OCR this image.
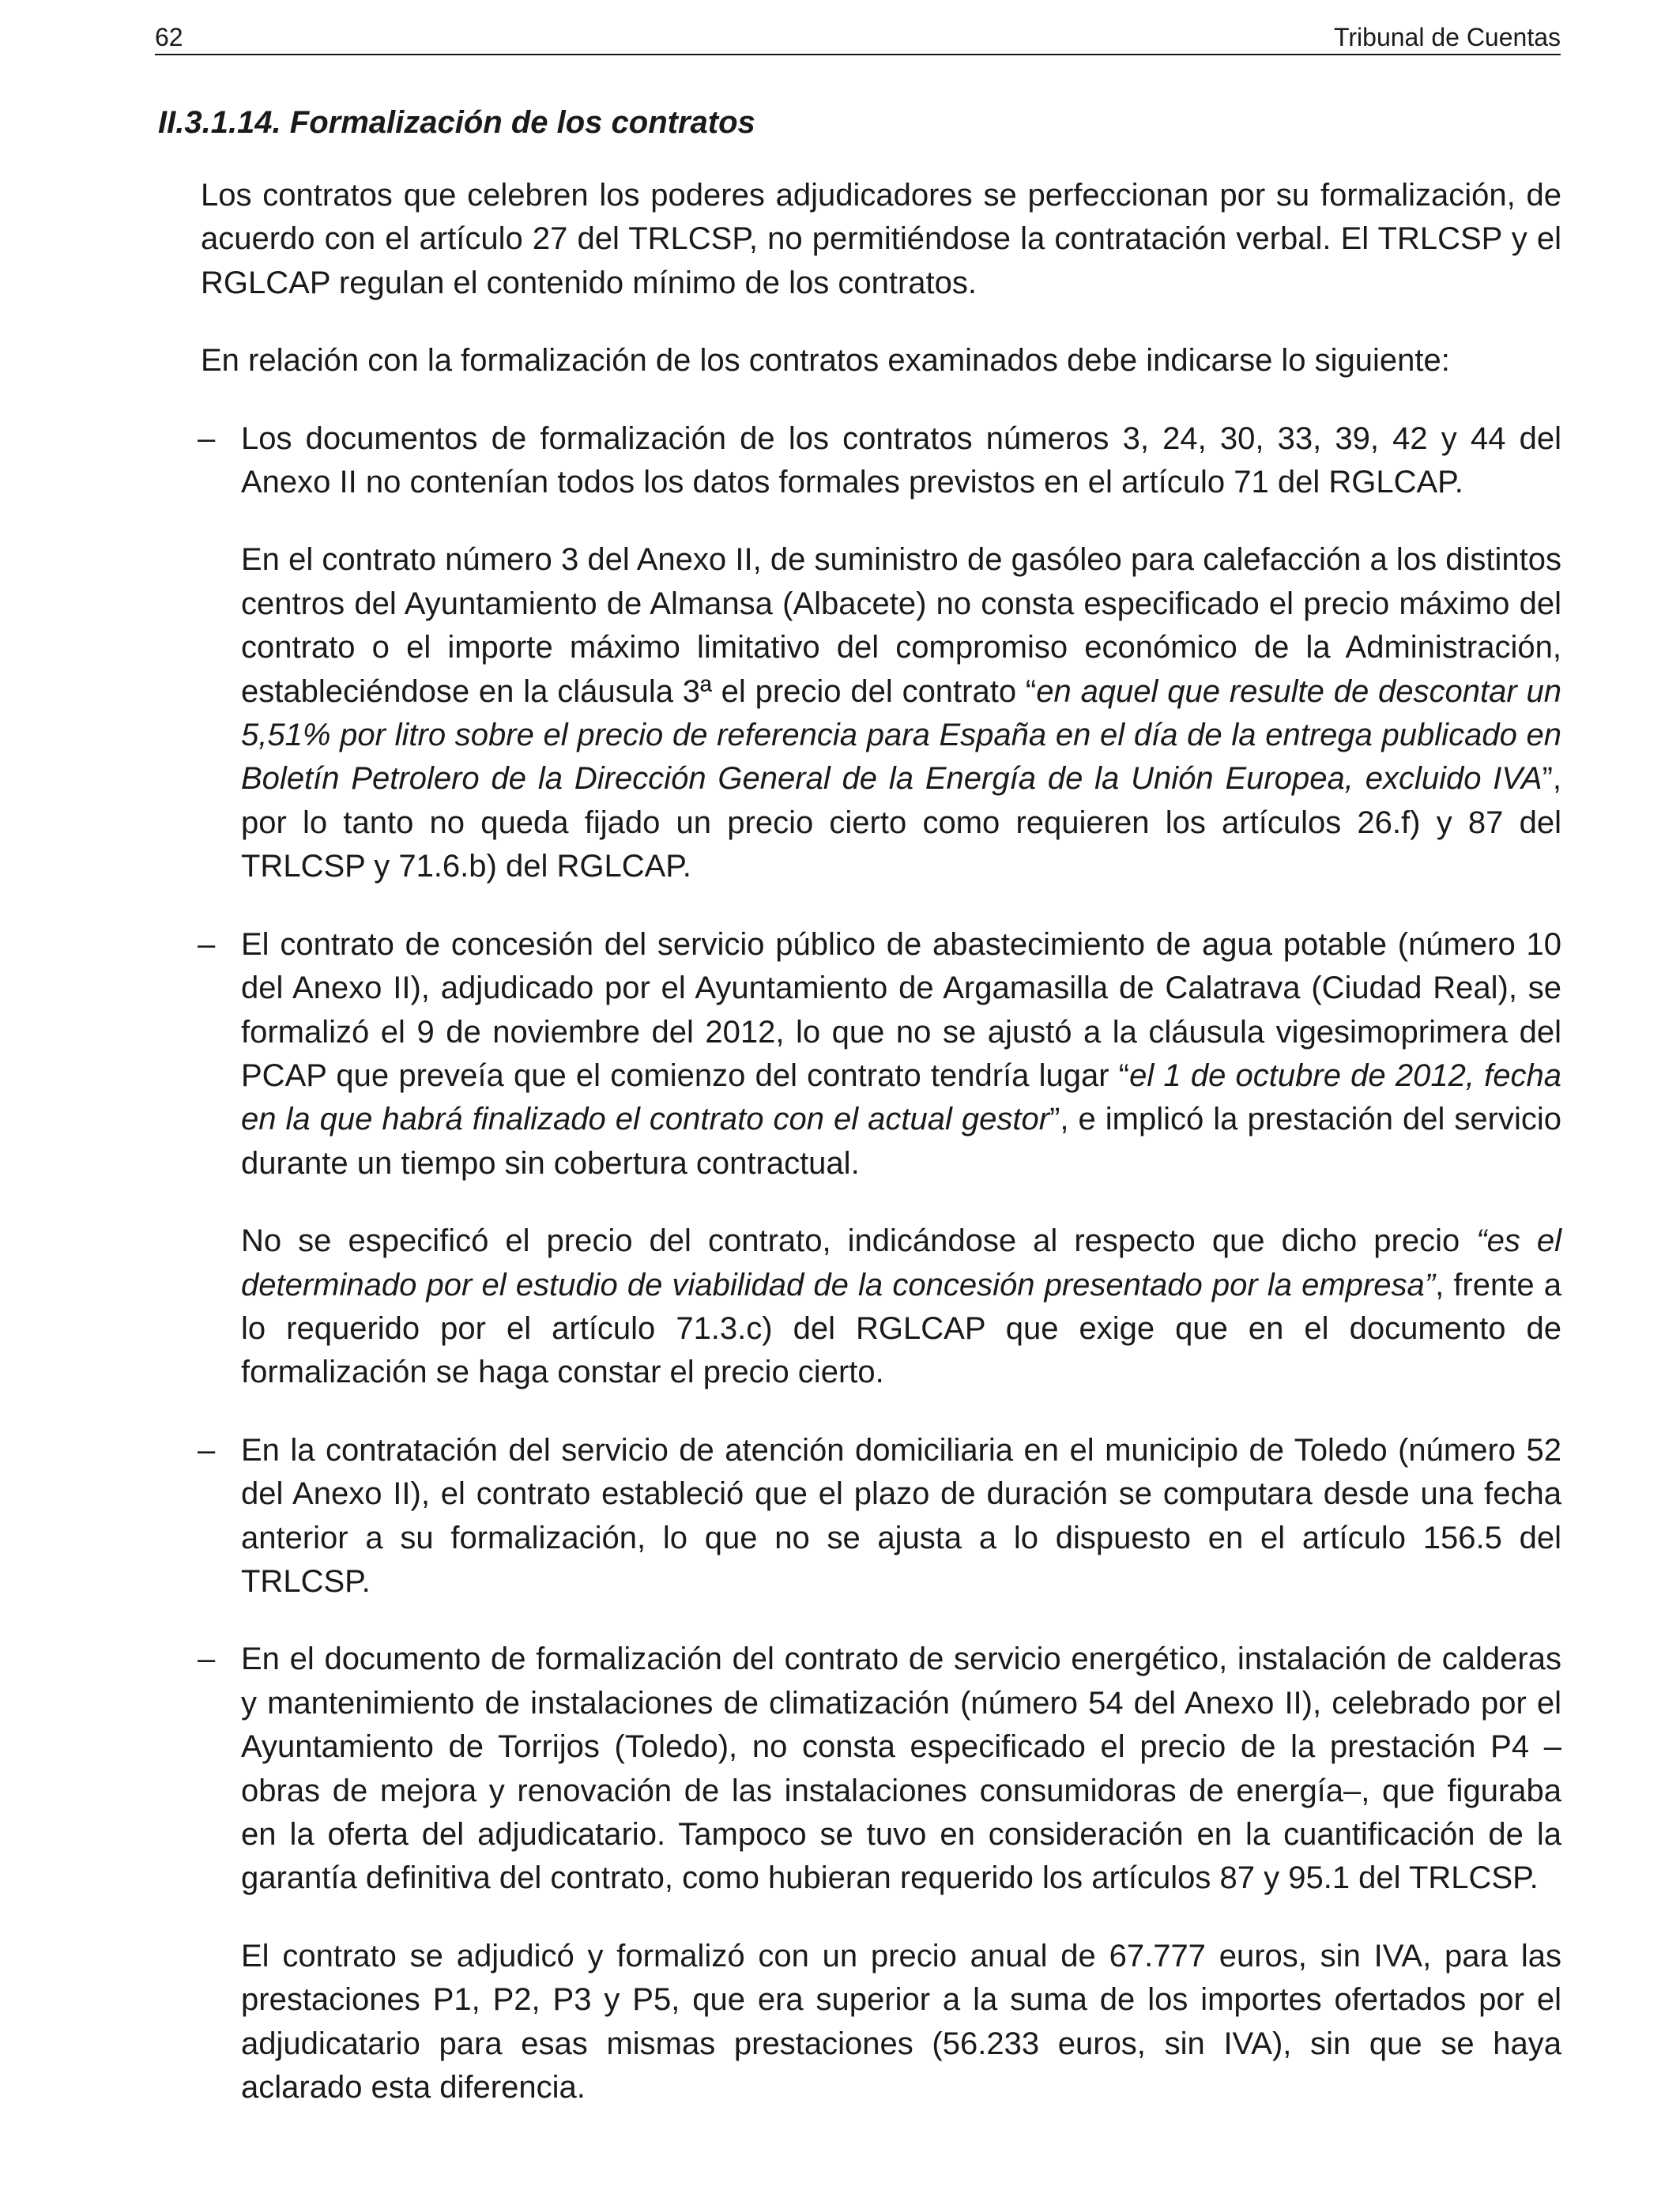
62	Tribunal de Cuentas
II.3.1.14. Formalización de los contratos

Los contratos que celebren los poderes adjudicadores se perfeccionan por su formalización, de acuerdo con el artículo 27 del TRLCSP, no permitiéndose la contratación verbal. El TRLCSP y el RGLCAP regulan el contenido mínimo de los contratos.

En relación con la formalización de los contratos examinados debe indicarse lo siguiente:

– Los documentos de formalización de los contratos números 3, 24, 30, 33, 39, 42 y 44 del Anexo II no contenían todos los datos formales previstos en el artículo 71 del RGLCAP.

En el contrato número 3 del Anexo II, de suministro de gasóleo para calefacción a los distintos centros del Ayuntamiento de Almansa (Albacete) no consta especificado el precio máximo del contrato o el importe máximo limitativo del compromiso económico de la Administración, estableciéndose en la cláusula 3ª el precio del contrato “en aquel que resulte de descontar un 5,51% por litro sobre el precio de referencia para España en el día de la entrega publicado en Boletín Petrolero de la Dirección General de la Energía de la Unión Europea, excluido IVA”, por lo tanto no queda fijado un precio cierto como requieren los artículos 26.f) y 87 del TRLCSP y 71.6.b) del RGLCAP.

– El contrato de concesión del servicio público de abastecimiento de agua potable (número 10 del Anexo II), adjudicado por el Ayuntamiento de Argamasilla de Calatrava (Ciudad Real), se formalizó el 9 de noviembre del 2012, lo que no se ajustó a la cláusula vigesimoprimera del PCAP que preveía que el comienzo del contrato tendría lugar “el 1 de octubre de 2012, fecha en la que habrá finalizado el contrato con el actual gestor”, e implicó la prestación del servicio durante un tiempo sin cobertura contractual.

No se especificó el precio del contrato, indicándose al respecto que dicho precio “es el determinado por el estudio de viabilidad de la concesión presentado por la empresa”, frente a lo requerido por el artículo 71.3.c) del RGLCAP que exige que en el documento de formalización se haga constar el precio cierto.

– En la contratación del servicio de atención domiciliaria en el municipio de Toledo (número 52 del Anexo II), el contrato estableció que el plazo de duración se computara desde una fecha anterior a su formalización, lo que no se ajusta a lo dispuesto en el artículo 156.5 del TRLCSP.

– En el documento de formalización del contrato de servicio energético, instalación de calderas y mantenimiento de instalaciones de climatización (número 54 del Anexo II), celebrado por el Ayuntamiento de Torrijos (Toledo), no consta especificado el precio de la prestación P4 –obras de mejora y renovación de las instalaciones consumidoras de energía–, que figuraba en la oferta del adjudicatario. Tampoco se tuvo en consideración en la cuantificación de la garantía definitiva del contrato, como hubieran requerido los artículos 87 y 95.1 del TRLCSP.

El contrato se adjudicó y formalizó con un precio anual de 67.777 euros, sin IVA, para las prestaciones P1, P2, P3 y P5, que era superior a la suma de los importes ofertados por el adjudicatario para esas mismas prestaciones (56.233 euros, sin IVA), sin que se haya aclarado esta diferencia.
